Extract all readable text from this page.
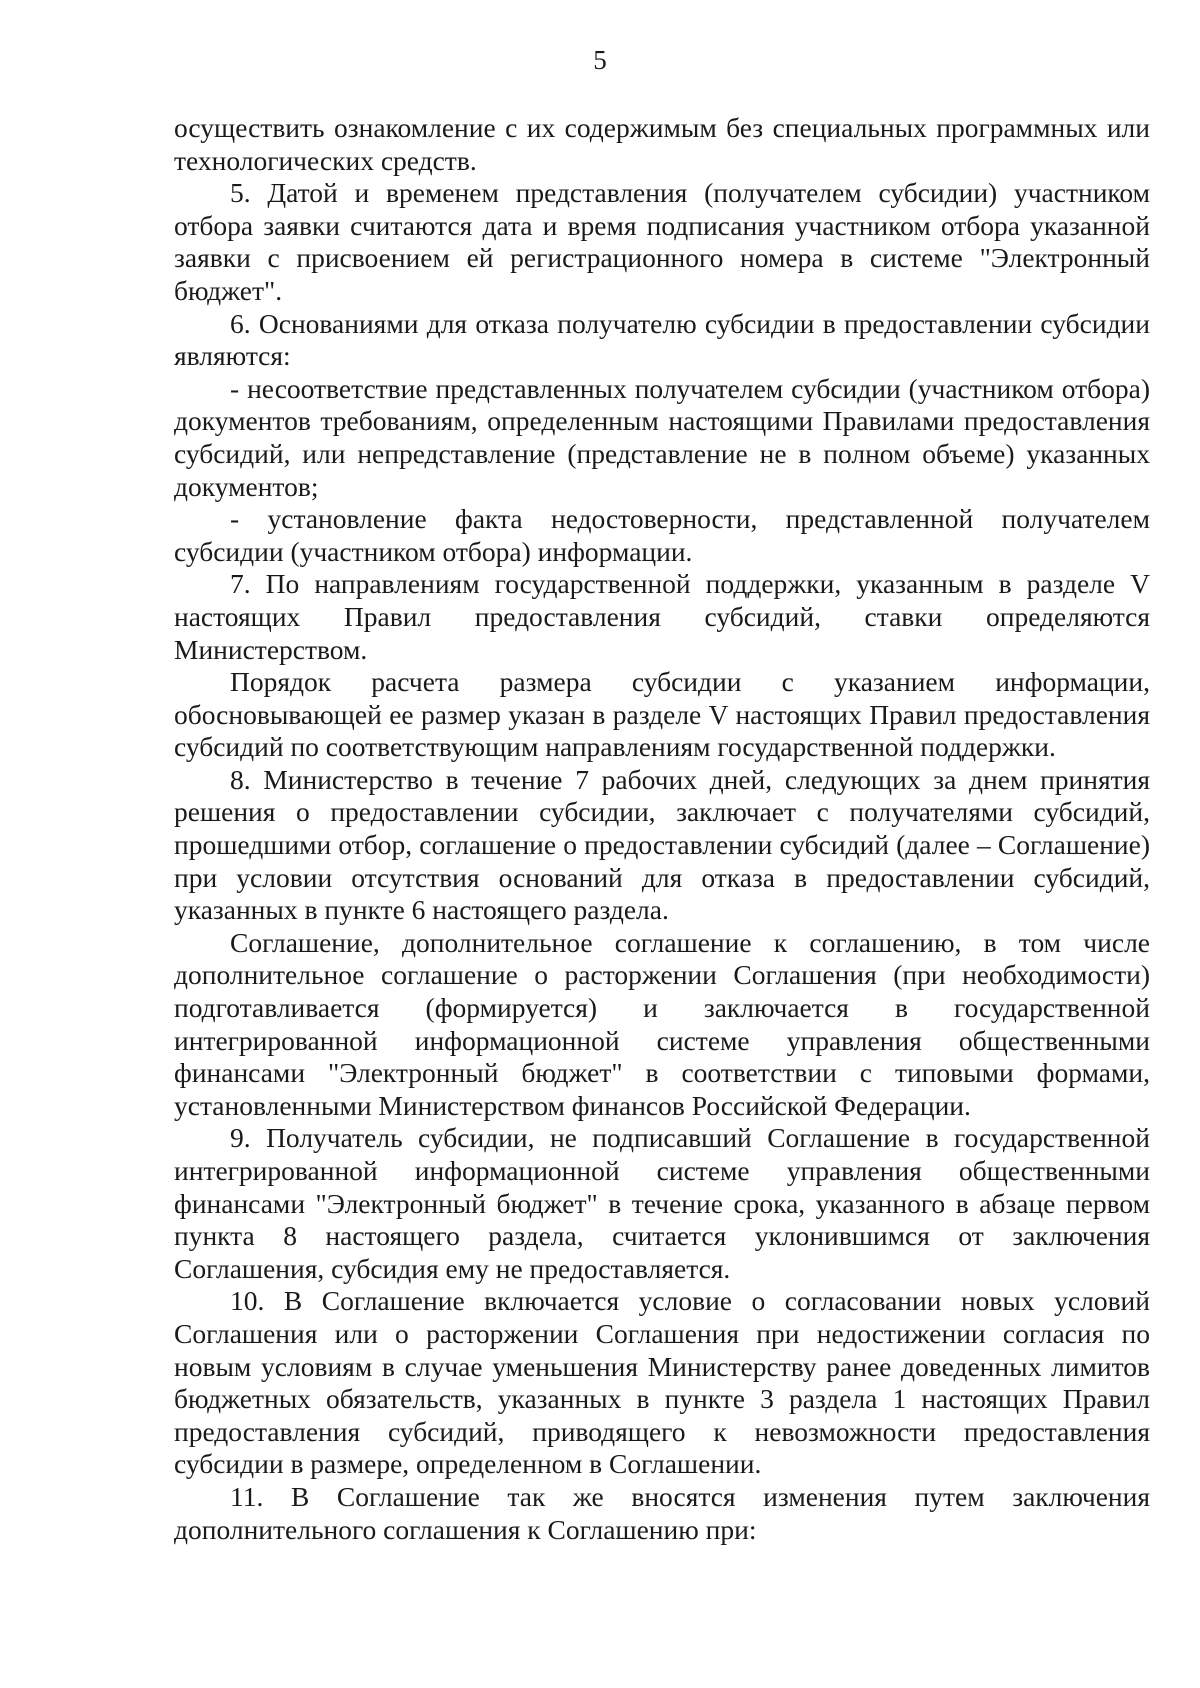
5

осуществить ознакомление с их содержимым без специальных программных или технологических средств.

5. Датой и временем представления (получателем субсидии) участником отбора заявки считаются дата и время подписания участником отбора указанной заявки с присвоением ей регистрационного номера в системе "Электронный бюджет".

6. Основаниями для отказа получателю субсидии в предоставлении субсидии являются:

- несоответствие представленных получателем субсидии (участником отбора) документов требованиям, определенным настоящими Правилами предоставления субсидий, или непредставление (представление не в полном объеме) указанных документов;

- установление факта недостоверности, представленной получателем субсидии (участником отбора) информации.

7. По направлениям государственной поддержки, указанным в разделе V настоящих Правил предоставления субсидий, ставки определяются Министерством.

Порядок расчета размера субсидии с указанием информации, обосновывающей ее размер указан в разделе V настоящих Правил предоставления субсидий по соответствующим направлениям государственной поддержки.

8. Министерство в течение 7 рабочих дней, следующих за днем принятия решения о предоставлении субсидии, заключает с получателями субсидий, прошедшими отбор, соглашение о предоставлении субсидий (далее – Соглашение) при условии отсутствия оснований для отказа в предоставлении субсидий, указанных в пункте 6 настоящего раздела.

Соглашение, дополнительное соглашение к соглашению, в том числе дополнительное соглашение о расторжении Соглашения (при необходимости) подготавливается (формируется) и заключается в государственной интегрированной информационной системе управления общественными финансами "Электронный бюджет" в соответствии с типовыми формами, установленными Министерством финансов Российской Федерации.

9. Получатель субсидии, не подписавший Соглашение в государственной интегрированной информационной системе управления общественными финансами "Электронный бюджет" в течение срока, указанного в абзаце первом пункта 8 настоящего раздела, считается уклонившимся от заключения Соглашения, субсидия ему не предоставляется.

10. В Соглашение включается условие о согласовании новых условий Соглашения или о расторжении Соглашения при недостижении согласия по новым условиям в случае уменьшения Министерству ранее доведенных лимитов бюджетных обязательств, указанных в пункте 3 раздела 1 настоящих Правил предоставления субсидий, приводящего к невозможности предоставления субсидии в размере, определенном в Соглашении.

11. В Соглашение так же вносятся изменения путем заключения дополнительного соглашения к Соглашению при:
